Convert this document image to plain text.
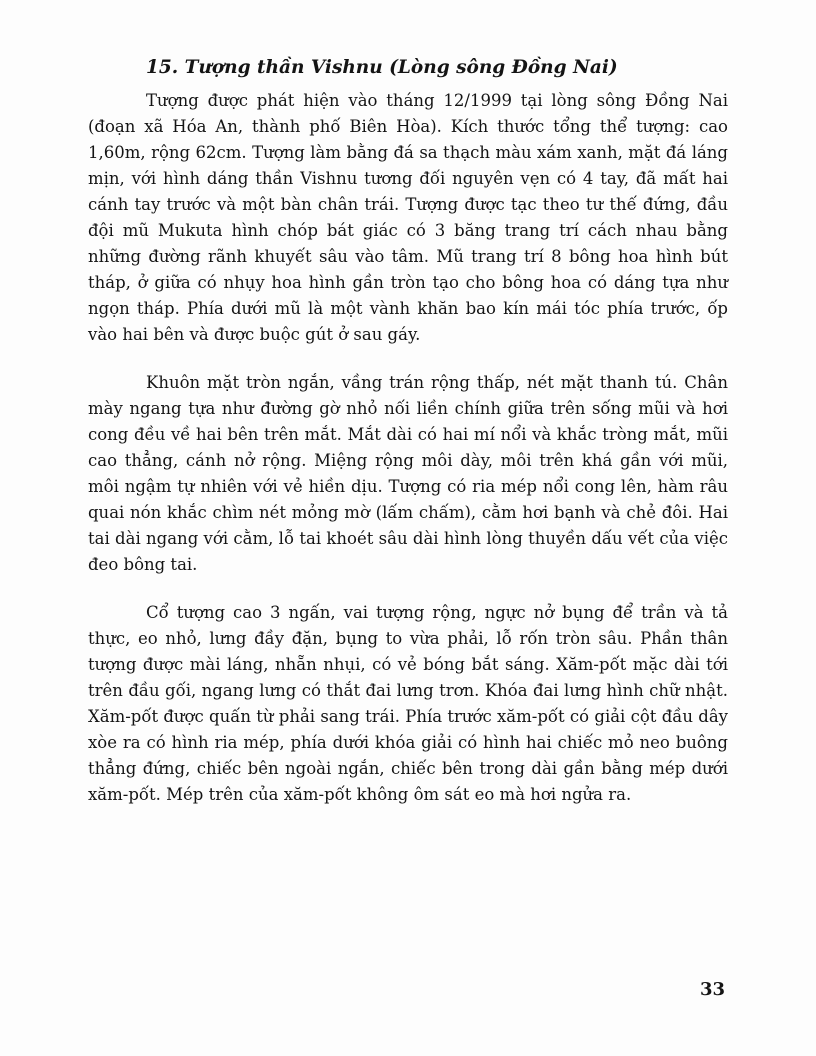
15. Tượng thần Vishnu (Lòng sông Đồng Nai)

Tượng được phát hiện vào tháng 12/1999 tại lòng sông Đồng Nai (đoạn xã Hóa An, thành phố Biên Hòa). Kích thước tổng thể tượng: cao 1,60m, rộng 62cm. Tượng làm bằng đá sa thạch màu xám xanh, mặt đá láng mịn, với hình dáng thần Vishnu tương đối nguyên vẹn có 4 tay, đã mất hai cánh tay trước và một bàn chân trái. Tượng được tạc theo tư thế đứng, đầu đội mũ Mukuta hình chóp bát giác có 3 băng trang trí cách nhau bằng những đường rãnh khuyết sâu vào tâm. Mũ trang trí 8 bông hoa hình bút tháp, ở giữa có nhụy hoa hình gần tròn tạo cho bông hoa có dáng tựa như ngọn tháp. Phía dưới mũ là một vành khăn bao kín mái tóc phía trước, ốp vào hai bên và được buộc gút ở sau gáy.

Khuôn mặt tròn ngắn, vầng trán rộng thấp, nét mặt thanh tú. Chân mày ngang tựa như đường gờ nhỏ nối liền chính giữa trên sống mũi và hơi cong đều về hai bên trên mắt. Mắt dài có hai mí nổi và khắc tròng mắt, mũi cao thẳng, cánh nở rộng. Miệng rộng môi dày, môi trên khá gần với mũi, môi ngậm tự nhiên với vẻ hiền dịu. Tượng có ria mép nổi cong lên, hàm râu quai nón khắc chìm nét mỏng mờ (lấm chấm), cằm hơi bạnh và chẻ đôi. Hai tai dài ngang với cằm, lỗ tai khoét sâu dài hình lòng thuyền dấu vết của việc đeo bông tai.

Cổ tượng cao 3 ngấn, vai tượng rộng, ngực nở bụng để trần và tả thực, eo nhỏ, lưng đầy đặn, bụng to vừa phải, lỗ rốn tròn sâu. Phần thân tượng được mài láng, nhẵn nhụi, có vẻ bóng bắt sáng. Xăm-pốt mặc dài tới trên đầu gối, ngang lưng có thắt đai lưng trơn. Khóa đai lưng hình chữ nhật. Xăm-pốt được quấn từ phải sang trái. Phía trước xăm-pốt có giải cột đầu dây xòe ra có hình ria mép, phía dưới khóa giải có hình hai chiếc mỏ neo buông thẳng đứng, chiếc bên ngoài ngắn, chiếc bên trong dài gần bằng mép dưới xăm-pốt. Mép trên của xăm-pốt không ôm sát eo mà hơi ngửa ra.

33
